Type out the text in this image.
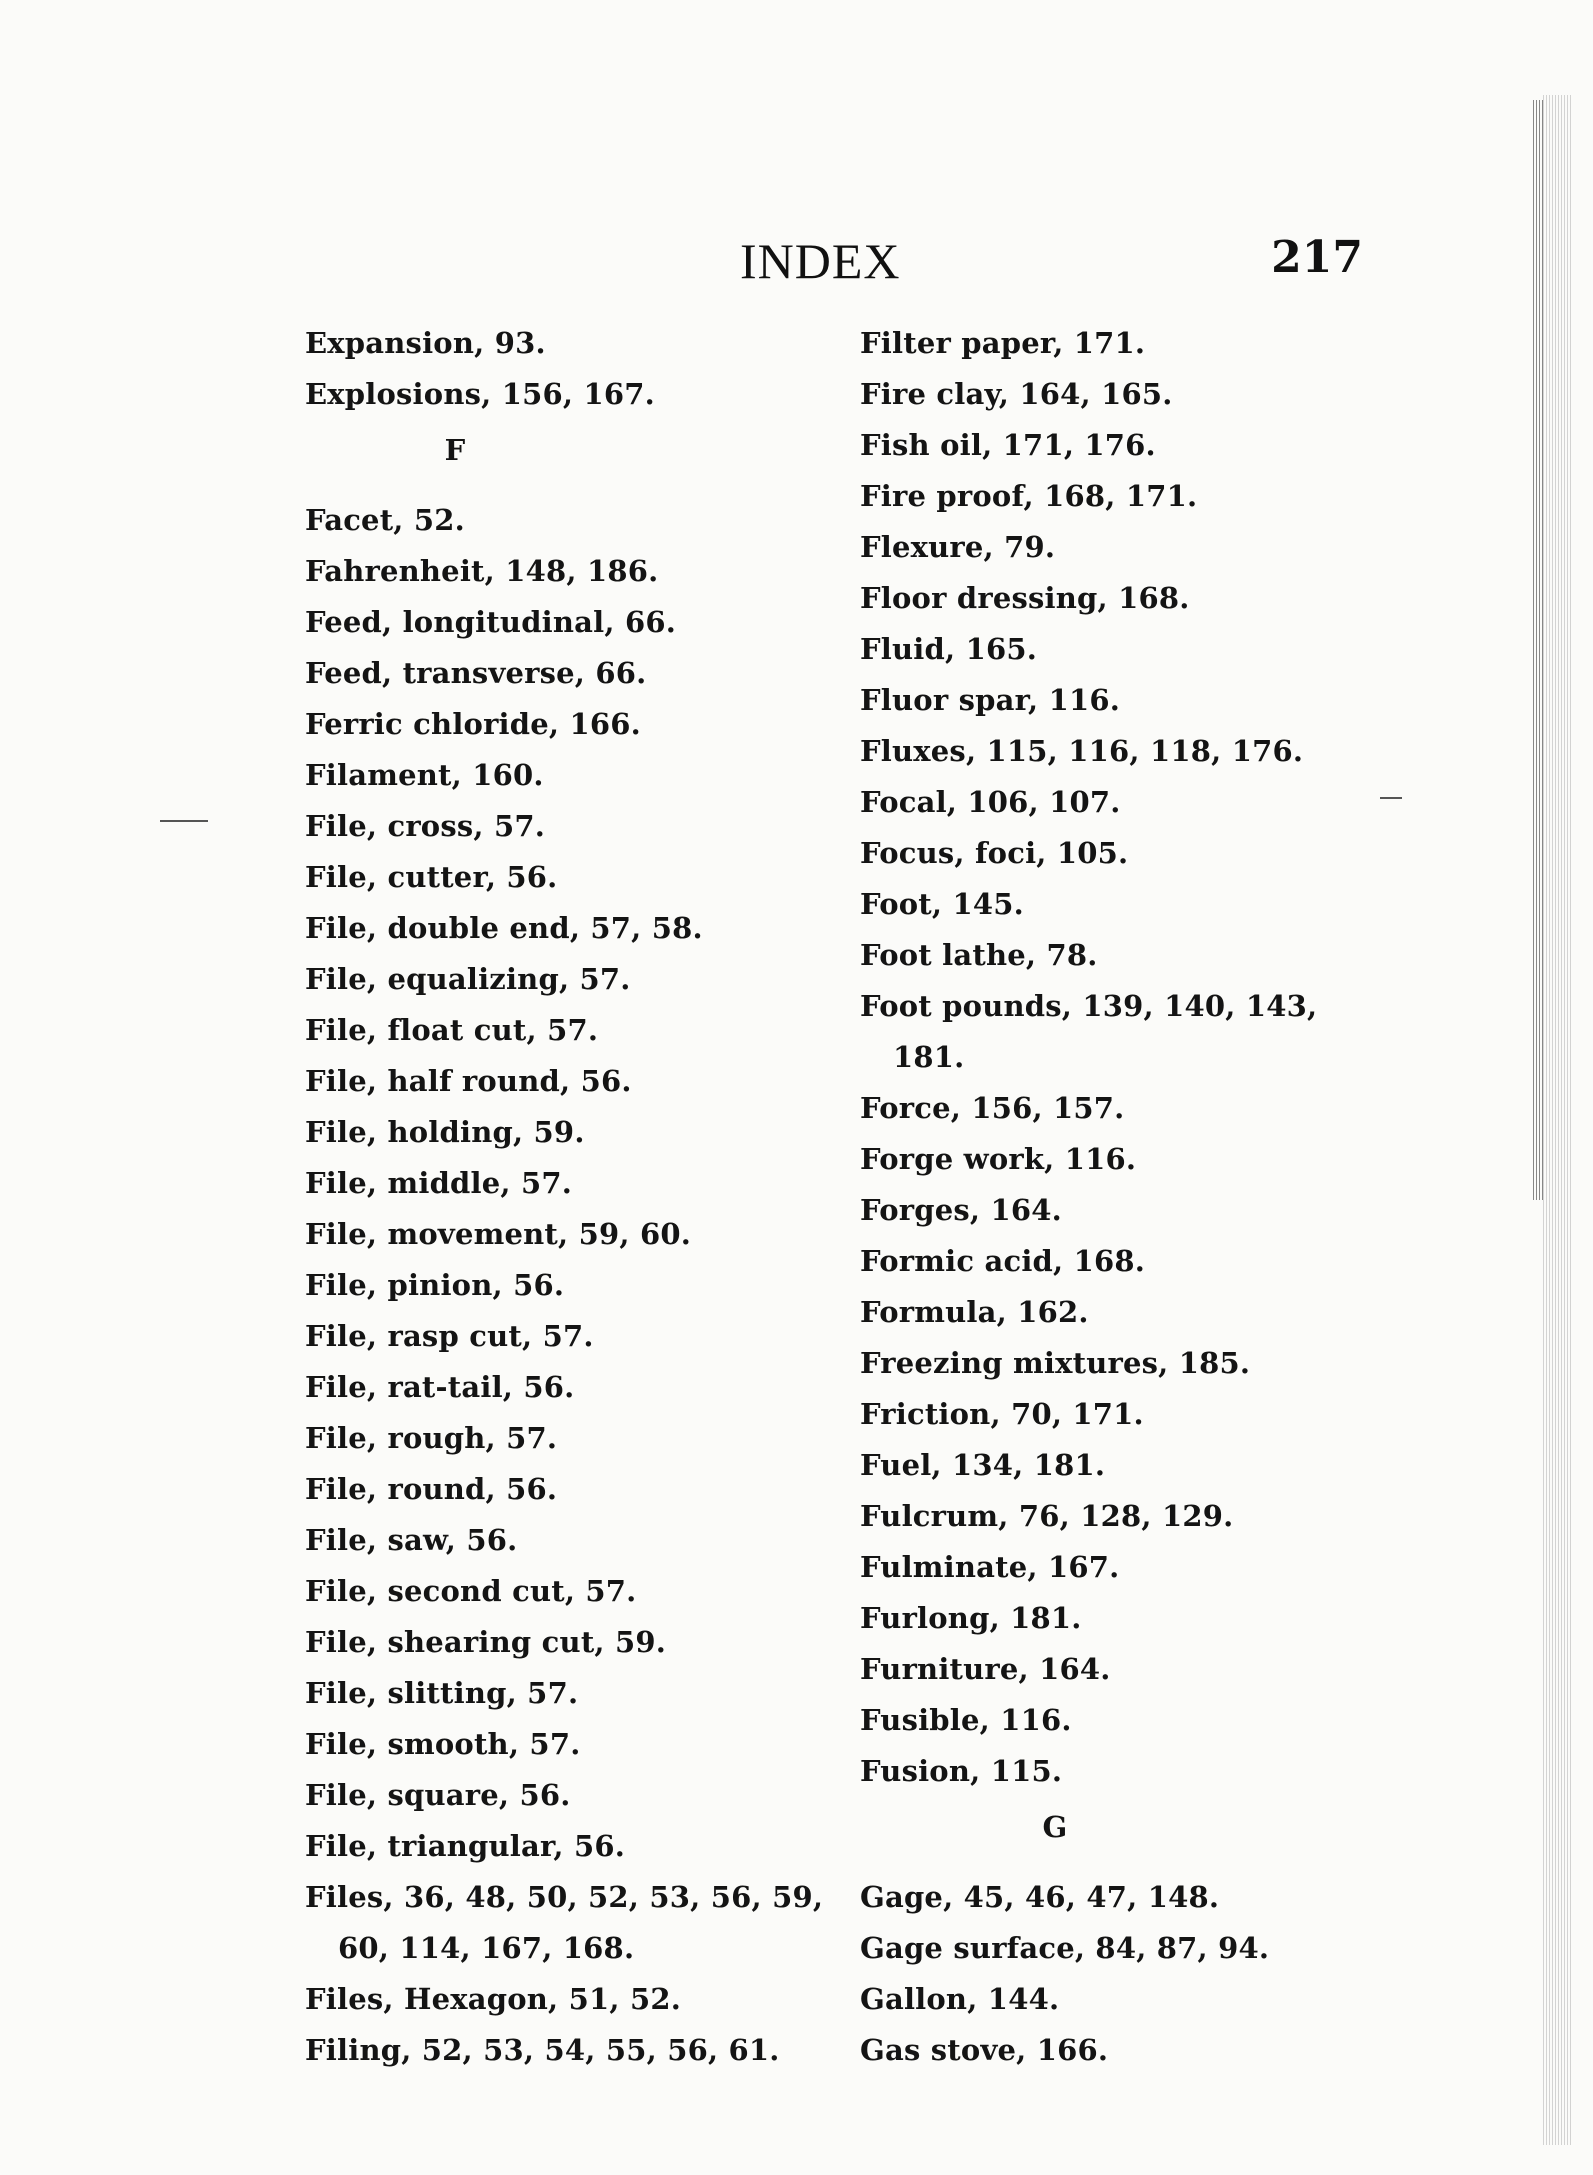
INDEX	217
Expansion, 93.
Explosions, 156, 167.
F
Facet, 52.
Fahrenheit, 148, 186.
Feed, longitudinal, 66.
Feed, transverse, 66.
Ferric chloride, 166.
Filament, 160.
File, cross, 57.
File, cutter, 56.
File, double end, 57, 58.
File, equalizing, 57.
File, float cut, 57.
File, half round, 56.
File, holding, 59.
File, middle, 57.
File, movement, 59, 60.
File, pinion, 56.
File, rasp cut, 57.
File, rat-tail, 56.
File, rough, 57.
File, round, 56.
File, saw, 56.
File, second cut, 57.
File, shearing cut, 59.
File, slitting, 57.
File, smooth, 57.
File, square, 56.
File, triangular, 56.
Files, 36, 48, 50, 52, 53, 56, 59,
60, 114, 167, 168.
Files, Hexagon, 51, 52.
Filing, 52, 53, 54, 55, 56, 61.
Filter paper, 171.
Fire clay, 164, 165.
Fish oil, 171, 176.
Fire proof, 168, 171.
Flexure, 79.
Floor dressing, 168.
Fluid, 165.
Fluor spar, 116.
Fluxes, 115, 116, 118, 176.
Focal, 106, 107.
Focus, foci, 105.
Foot, 145.
Foot lathe, 78.
Foot pounds, 139, 140, 143,
181.
Force, 156, 157.
Forge work, 116.
Forges, 164.
Formic acid, 168.
Formula, 162.
Freezing mixtures, 185.
Friction, 70, 171.
Fuel, 134, 181.
Fulcrum, 76, 128, 129.
Fulminate, 167.
Furlong, 181.
Furniture, 164.
Fusible, 116.
Fusion, 115.
G
Gage, 45, 46, 47, 148.
Gage surface, 84, 87, 94.
Gallon, 144.
Gas stove, 166.
